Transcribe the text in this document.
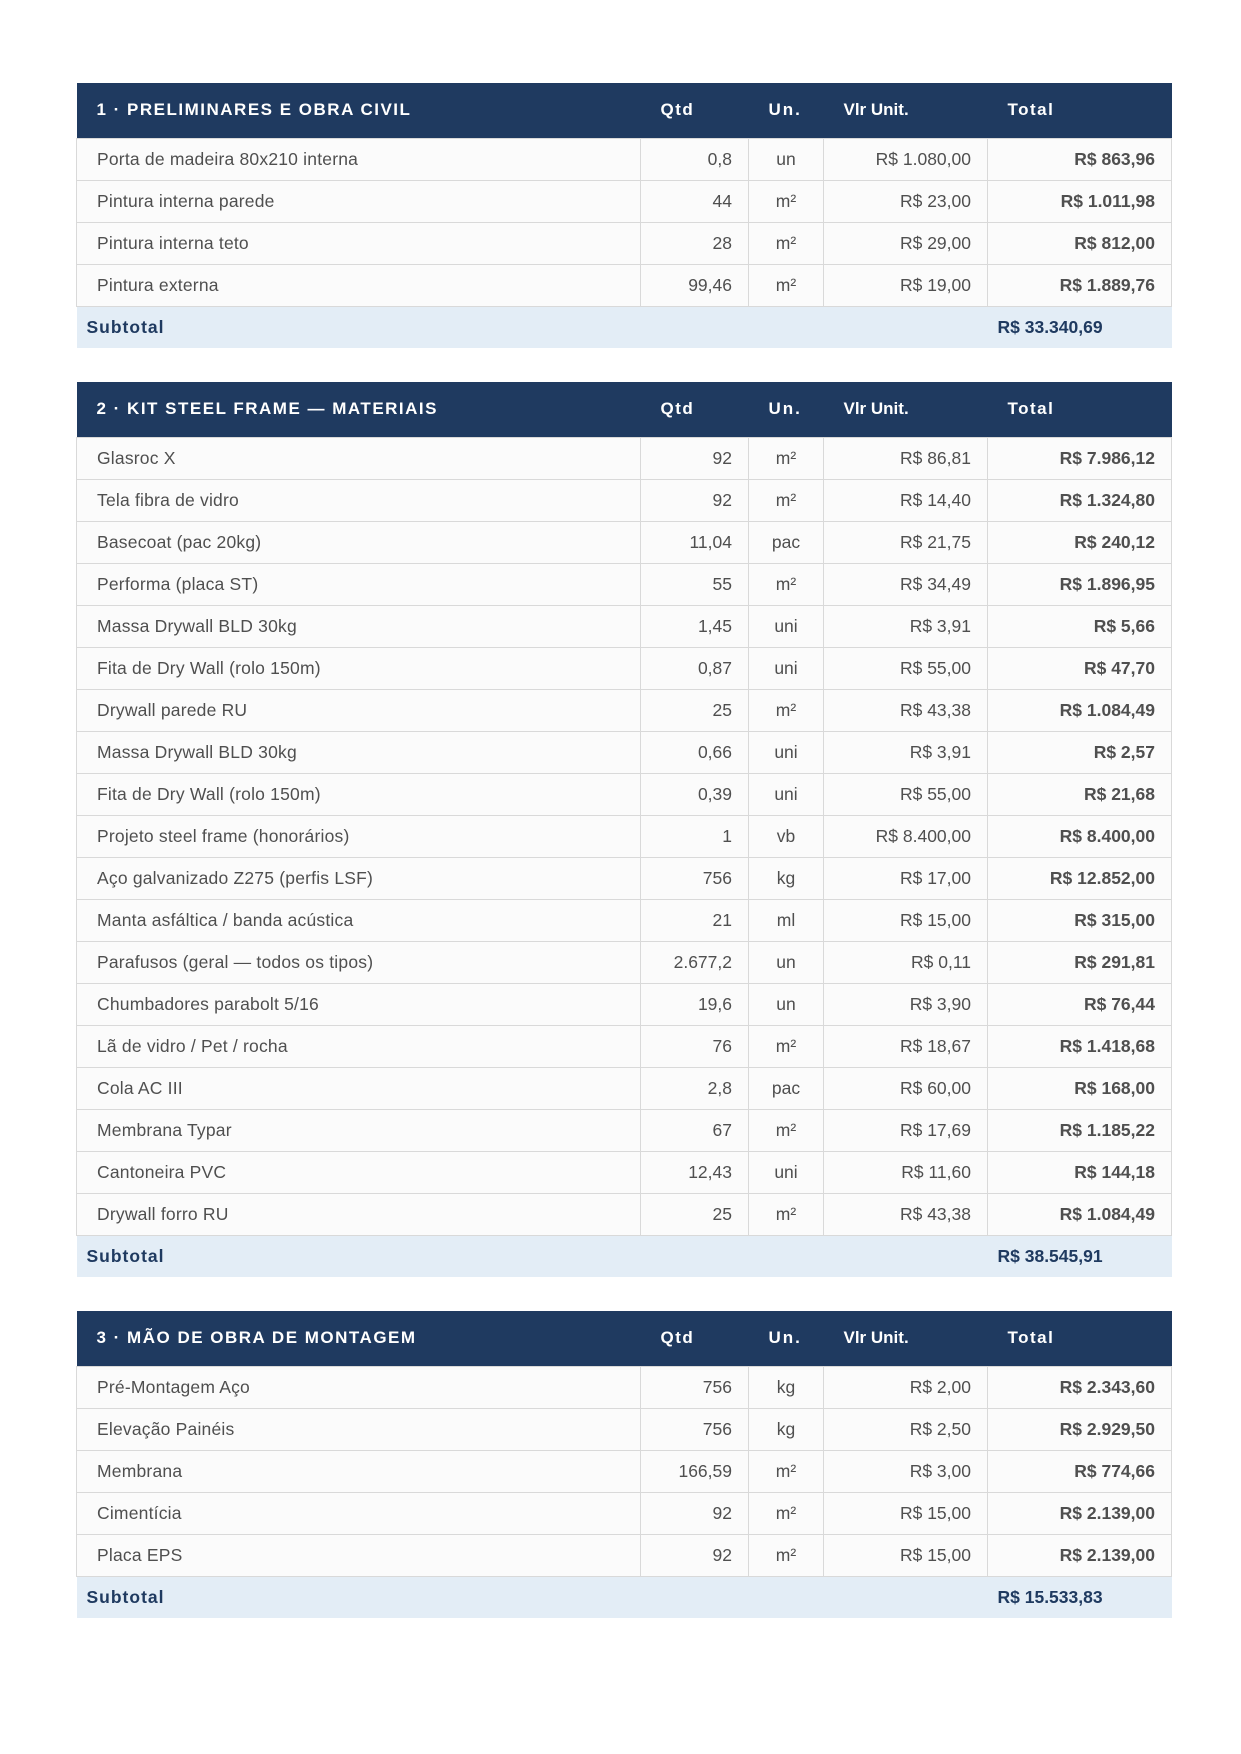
1 · PRELIMINARES E OBRA CIVIL	Qtd	Un.	Vlr Unit.	Total
Porta de madeira 80x210 interna	0,8	un	R$ 1.080,00	R$ 863,96
Pintura interna parede	44	m²	R$ 23,00	R$ 1.011,98
Pintura interna teto	28	m²	R$ 29,00	R$ 812,00
Pintura externa	99,46	m²	R$ 19,00	R$ 1.889,76
Subtotal				R$ 33.340,69
2 · KIT STEEL FRAME — MATERIAIS	Qtd	Un.	Vlr Unit.	Total
Glasroc X	92	m²	R$ 86,81	R$ 7.986,12
Tela fibra de vidro	92	m²	R$ 14,40	R$ 1.324,80
Basecoat (pac 20kg)	11,04	pac	R$ 21,75	R$ 240,12
Performa (placa ST)	55	m²	R$ 34,49	R$ 1.896,95
Massa Drywall BLD 30kg	1,45	uni	R$ 3,91	R$ 5,66
Fita de Dry Wall (rolo 150m)	0,87	uni	R$ 55,00	R$ 47,70
Drywall parede RU	25	m²	R$ 43,38	R$ 1.084,49
Massa Drywall BLD 30kg	0,66	uni	R$ 3,91	R$ 2,57
Fita de Dry Wall (rolo 150m)	0,39	uni	R$ 55,00	R$ 21,68
Projeto steel frame (honorários)	1	vb	R$ 8.400,00	R$ 8.400,00
Aço galvanizado Z275 (perfis LSF)	756	kg	R$ 17,00	R$ 12.852,00
Manta asfáltica / banda acústica	21	ml	R$ 15,00	R$ 315,00
Parafusos (geral — todos os tipos)	2.677,2	un	R$ 0,11	R$ 291,81
Chumbadores parabolt 5/16	19,6	un	R$ 3,90	R$ 76,44
Lã de vidro / Pet / rocha	76	m²	R$ 18,67	R$ 1.418,68
Cola AC III	2,8	pac	R$ 60,00	R$ 168,00
Membrana Typar	67	m²	R$ 17,69	R$ 1.185,22
Cantoneira PVC	12,43	uni	R$ 11,60	R$ 144,18
Drywall forro RU	25	m²	R$ 43,38	R$ 1.084,49
Subtotal				R$ 38.545,91
3 · MÃO DE OBRA DE MONTAGEM	Qtd	Un.	Vlr Unit.	Total
Pré-Montagem Aço	756	kg	R$ 2,00	R$ 2.343,60
Elevação Painéis	756	kg	R$ 2,50	R$ 2.929,50
Membrana	166,59	m²	R$ 3,00	R$ 774,66
Cimentícia	92	m²	R$ 15,00	R$ 2.139,00
Placa EPS	92	m²	R$ 15,00	R$ 2.139,00
Subtotal				R$ 15.533,83
